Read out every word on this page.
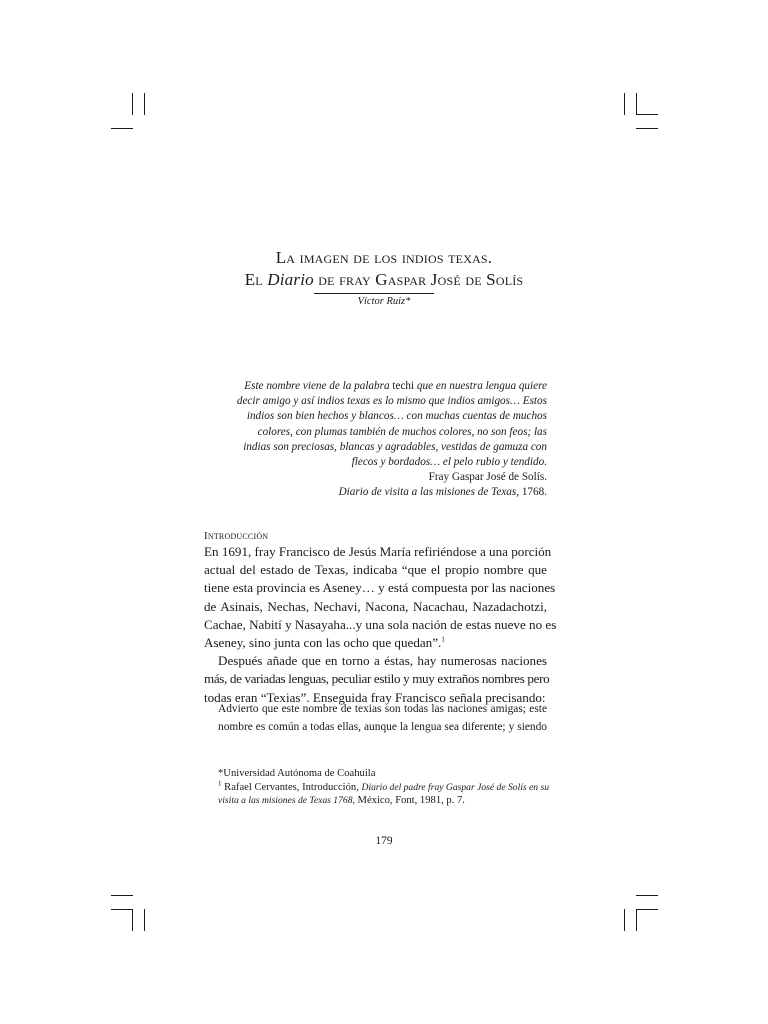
La imagen de los indios texas.
El Diario de fray Gaspar José de Solís
Víctor Ruiz*
Este nombre viene de la palabra techi que en nuestra lengua quiere
decir amigo y así indios texas es lo mismo que indios amigos… Estos
indios son bien hechos y blancos… con muchas cuentas de muchos
colores, con plumas también de muchos colores, no son feos; las
indias son preciosas, blancas y agradables, vestidas de gamuza con
flecos y bordados… el pelo rubio y tendido.
Fray Gaspar José de Solís.
Diario de visita a las misiones de Texas, 1768.
Introducción
En 1691, fray Francisco de Jesús María refiriéndose a una porción
actual del estado de Texas, indicaba “que el propio nombre que
tiene esta provincia es Aseney… y está compuesta por las naciones
de Asinais, Nechas, Nechavi, Nacona, Nacachau, Nazadachotzi,
Cachae, Nabití y Nasayaha...y una sola nación de estas nueve no es
Aseney, sino junta con las ocho que quedan”.$^1$
Después añade que en torno a éstas, hay numerosas naciones
más, de variadas lenguas, peculiar estilo y muy extraños nombres pero
todas eran “Texias”. Enseguida fray Francisco señala precisando:
Advierto que este nombre de texias son todas las naciones amigas; este
nombre es común a todas ellas, aunque la lengua sea diferente; y siendo
*Universidad Autónoma de Coahuila
$^1$ Rafael Cervantes, Introducción, Diario del padre fray Gaspar José de Solís en su
visita a las misiones de Texas 1768, México, Font, 1981, p. 7.
179
